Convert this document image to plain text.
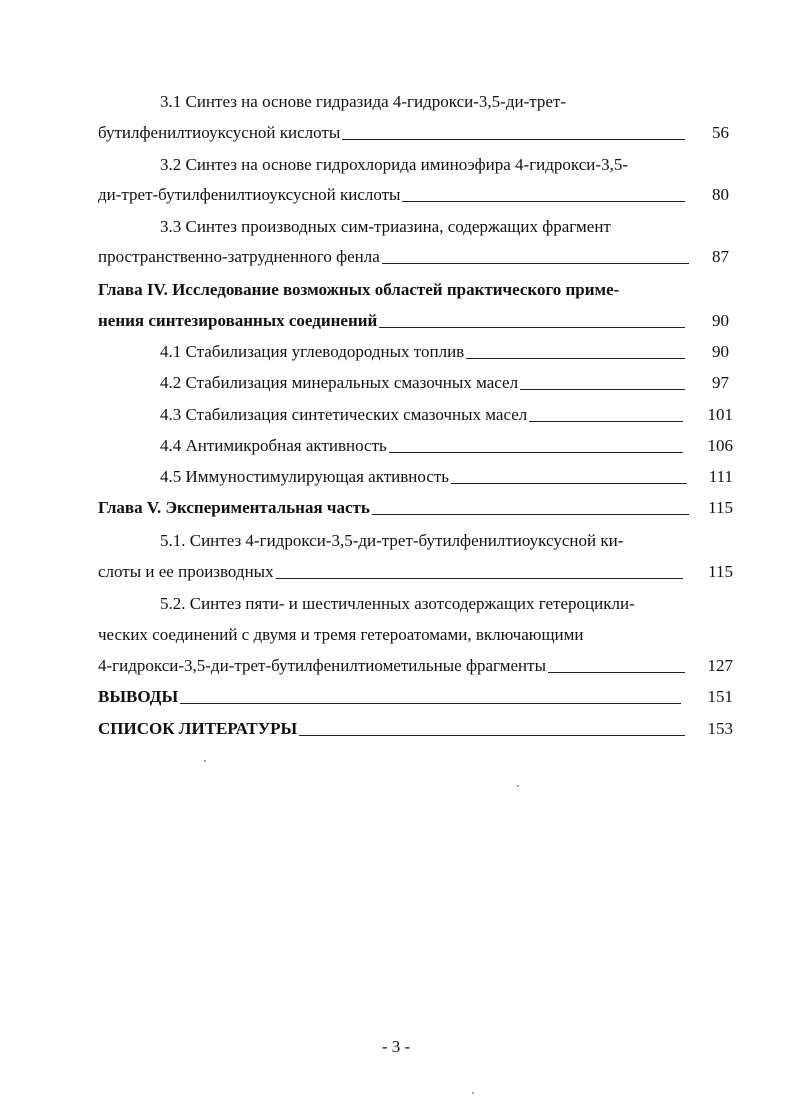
3.1 Синтез на основе гидразида 4-гидрокси-3,5-ди-трет-
бутилфенилтиоуксусной кислоты	56
3.2 Синтез на основе гидрохлорида иминоэфира 4-гидрокси-3,5-
ди-трет-бутилфенилтиоуксусной кислоты	80
3.3 Синтез производных сим-триазина, содержащих фрагмент
пространственно-затрудненного фенла	87
Глава IV. Исследование возможных областей практического приме-
нения синтезированных соединений	90
4.1 Стабилизация углеводородных топлив	90
4.2 Стабилизация минеральных смазочных масел	97
4.3 Стабилизация синтетических смазочных масел	101
4.4 Антимикробная активность	106
4.5 Иммуностимулирующая активность	111
Глава V. Экспериментальная часть	115
5.1. Синтез 4-гидрокси-3,5-ди-трет-бутилфенилтиоуксусной ки-
слоты и ее производных	115
5.2. Синтез пяти- и шестичленных азотсодержащих гетероцикли-
ческих соединений с двумя и тремя гетероатомами, включающими
4-гидрокси-3,5-ди-трет-бутилфенилтиометильные фрагменты	127
ВЫВОДЫ	151
СПИСОК ЛИТЕРАТУРЫ	153
- 3 -
